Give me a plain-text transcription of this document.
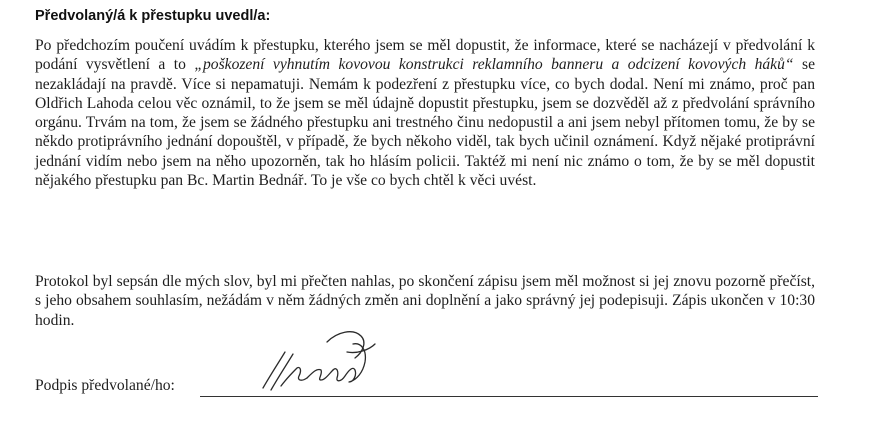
Předvolaný/á k přestupku uvedl/a:

Po předchozím poučení uvádím k přestupku, kterého jsem se měl dopustit, že informace, které se nacházejí v předvolání k podání vysvětlení a to „poškození vyhnutím kovovou konstrukci reklamního banneru a odcizení kovových háků“ se nezakládají na pravdě. Více si nepamatuji. Nemám k podezření z přestupku více, co bych dodal. Není mi známo, proč pan Oldřich Lahoda celou věc oznámil, to že jsem se měl údajně dopustit přestupku, jsem se dozvěděl až z předvolání správního orgánu. Trvám na tom, že jsem se žádného přestupku ani trestného činu nedopustil a ani jsem nebyl přítomen tomu, že by se někdo protiprávního jednání dopouštěl, v případě, že bych někoho viděl, tak bych učinil oznámení. Když nějaké protiprávní jednání vidím nebo jsem na něho upozorněn, tak ho hlásím policii. Taktéž mi není nic známo o tom, že by se měl dopustit nějakého přestupku pan Bc. Martin Bednář. To je vše co bych chtěl k věci uvést.

Protokol byl sepsán dle mých slov, byl mi přečten nahlas, po skončení zápisu jsem měl možnost si jej znovu pozorně přečíst, s jeho obsahem souhlasím, nežádám v něm žádných změn ani doplnění a jako správný jej podepisuji. Zápis ukončen v 10:30 hodin.

Podpis předvolané/ho:
